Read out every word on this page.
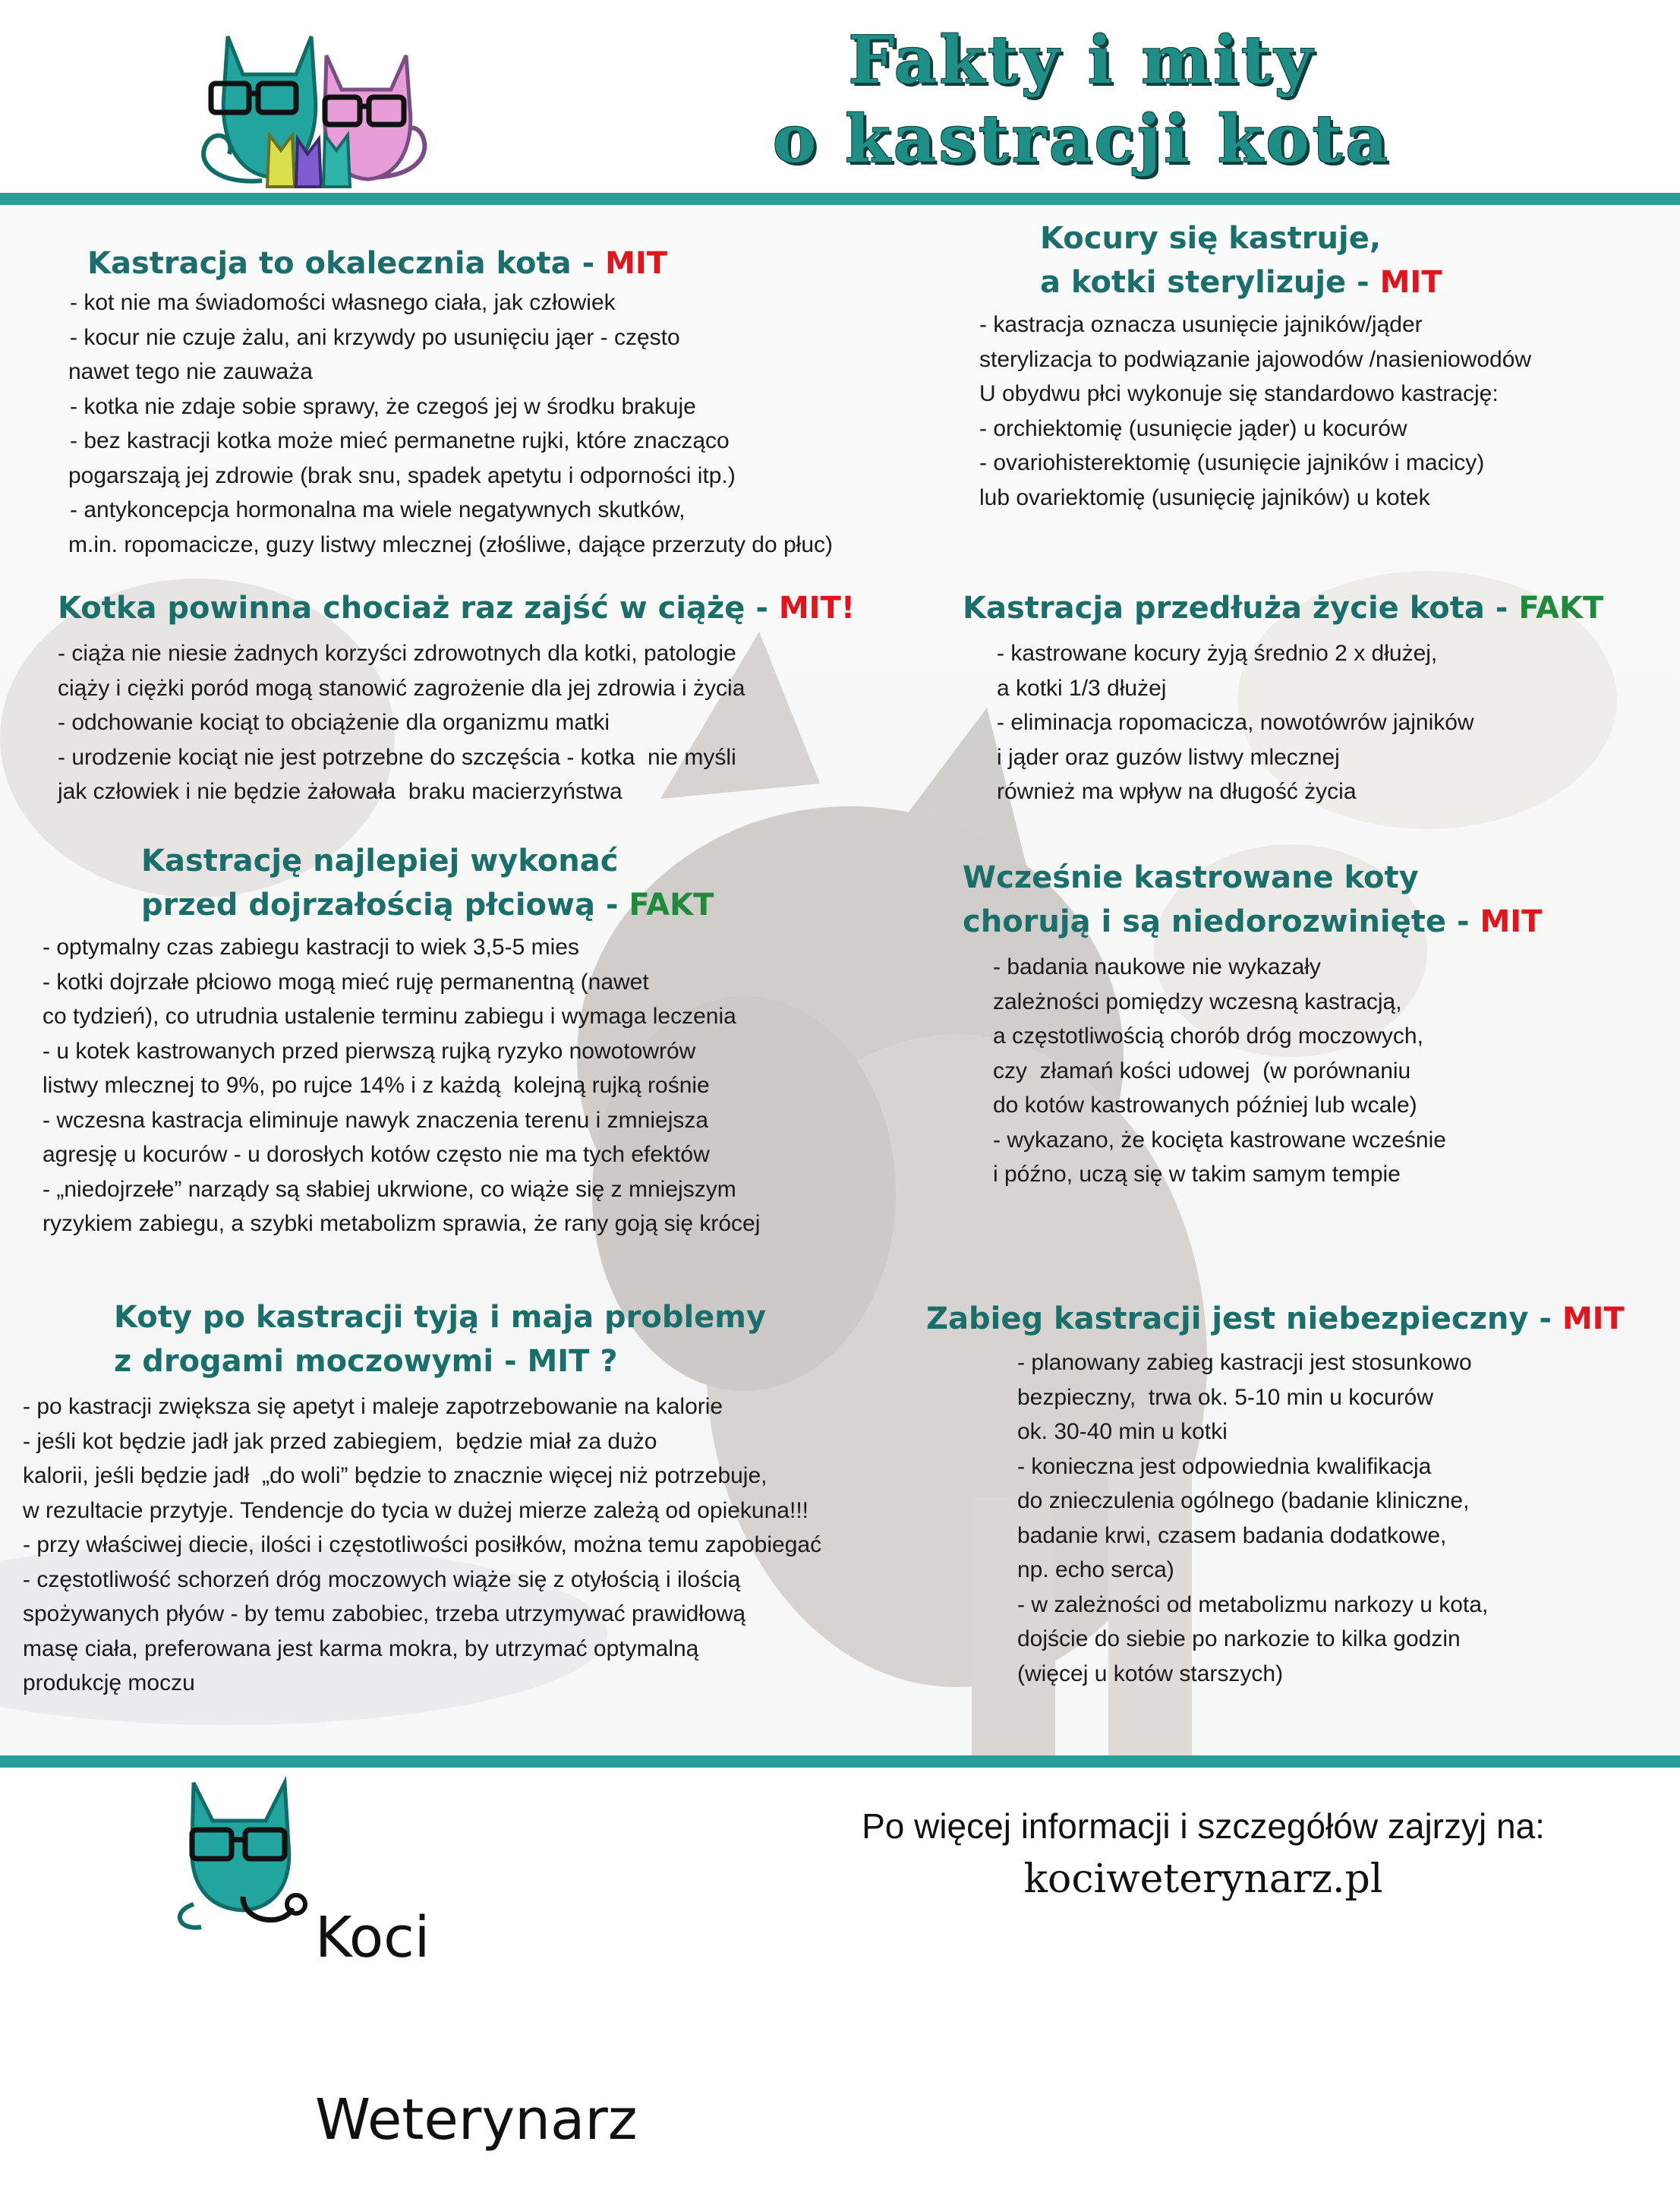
Fakty i mity
o kastracji kota
Kastracja to okalecznia kota - MIT
- kot nie ma świadomości własnego ciała, jak człowiek
- kocur nie czuje żalu, ani krzywdy po usunięciu jąer - często
nawet tego nie zauważa
- kotka nie zdaje sobie sprawy, że czegoś jej w środku brakuje
- bez kastracji kotka może mieć permanetne rujki, które znacząco
pogarszają jej zdrowie (brak snu, spadek apetytu i odporności itp.)
- antykoncepcja hormonalna ma wiele negatywnych skutków,
m.in. ropomacicze, guzy listwy mlecznej (złośliwe, dające przerzuty do płuc)
Kocury się kastruje,
a kotki sterylizuje - MIT
- kastracja oznacza usunięcie jajników/jąder
sterylizacja to podwiązanie jajowodów /nasieniowodów
U obydwu płci wykonuje się standardowo kastrację:
- orchiektomię (usunięcie jąder) u kocurów
- ovariohisterektomię (usunięcie jajników i macicy)
lub ovariektomię (usunięcię jajników) u kotek
Kotka powinna chociaż raz zajść w ciążę - MIT!
- ciąża nie niesie żadnych korzyści zdrowotnych dla kotki, patologie
ciąży i ciężki poród mogą stanowić zagrożenie dla jej zdrowia i życia
- odchowanie kociąt to obciążenie dla organizmu matki
- urodzenie kociąt nie jest potrzebne do szczęścia - kotka  nie myśli
jak człowiek i nie będzie żałowała  braku macierzyństwa
Kastracja przedłuża życie kota - FAKT
- kastrowane kocury żyją średnio 2 x dłużej,
a kotki 1/3 dłużej
- eliminacja ropomacicza, nowotówrów jajników
i jąder oraz guzów listwy mlecznej
również ma wpływ na długość życia
Kastrację najlepiej wykonać
przed dojrzałością płciową - FAKT
- optymalny czas zabiegu kastracji to wiek 3,5-5 mies
- kotki dojrzałe płciowo mogą mieć ruję permanentną (nawet
co tydzień), co utrudnia ustalenie terminu zabiegu i wymaga leczenia
- u kotek kastrowanych przed pierwszą rujką ryzyko nowotowrów
listwy mlecznej to 9%, po rujce 14% i z każdą  kolejną rujką rośnie
- wczesna kastracja eliminuje nawyk znaczenia terenu i zmniejsza
agresję u kocurów - u dorosłych kotów często nie ma tych efektów
- „niedojrzełe” narządy są słabiej ukrwione, co wiąże się z mniejszym
ryzykiem zabiegu, a szybki metabolizm sprawia, że rany goją się krócej
Wcześnie kastrowane koty
chorują i są niedorozwinięte - MIT
- badania naukowe nie wykazały
zależności pomiędzy wczesną kastracją,
a częstotliwością chorób dróg moczowych,
czy  złamań kości udowej  (w porównaniu
do kotów kastrowanych później lub wcale)
- wykazano, że kocięta kastrowane wcześnie
i późno, uczą się w takim samym tempie
Koty po kastracji tyją i maja problemy
z drogami moczowymi - MIT ?
- po kastracji zwiększa się apetyt i maleje zapotrzebowanie na kalorie
- jeśli kot będzie jadł jak przed zabiegiem,  będzie miał za dużo
kalorii, jeśli będzie jadł  „do woli” będzie to znacznie więcej niż potrzebuje,
w rezultacie przytyje. Tendencje do tycia w dużej mierze zależą od opiekuna!!!
- przy właściwej diecie, ilości i częstotliwości posiłków, można temu zapobiegać
- częstotliwość schorzeń dróg moczowych wiąże się z otyłością i ilością
spożywanych płyów - by temu zabobiec, trzeba utrzymywać prawidłową
masę ciała, preferowana jest karma mokra, by utrzymać optymalną
produkcję moczu
Zabieg kastracji jest niebezpieczny - MIT
- planowany zabieg kastracji jest stosunkowo
bezpieczny,  trwa ok. 5-10 min u kocurów
ok. 30-40 min u kotki
- konieczna jest odpowiednia kwalifikacja
do znieczulenia ogólnego (badanie kliniczne,
badanie krwi, czasem badania dodatkowe,
np. echo serca)
- w zależności od metabolizmu narkozy u kota,
dojście do siebie po narkozie to kilka godzin
(więcej u kotów starszych)

Koci

Weterynarz

Po więcej informacji i szczegółów zajrzyj na:
kociweterynarz.pl
